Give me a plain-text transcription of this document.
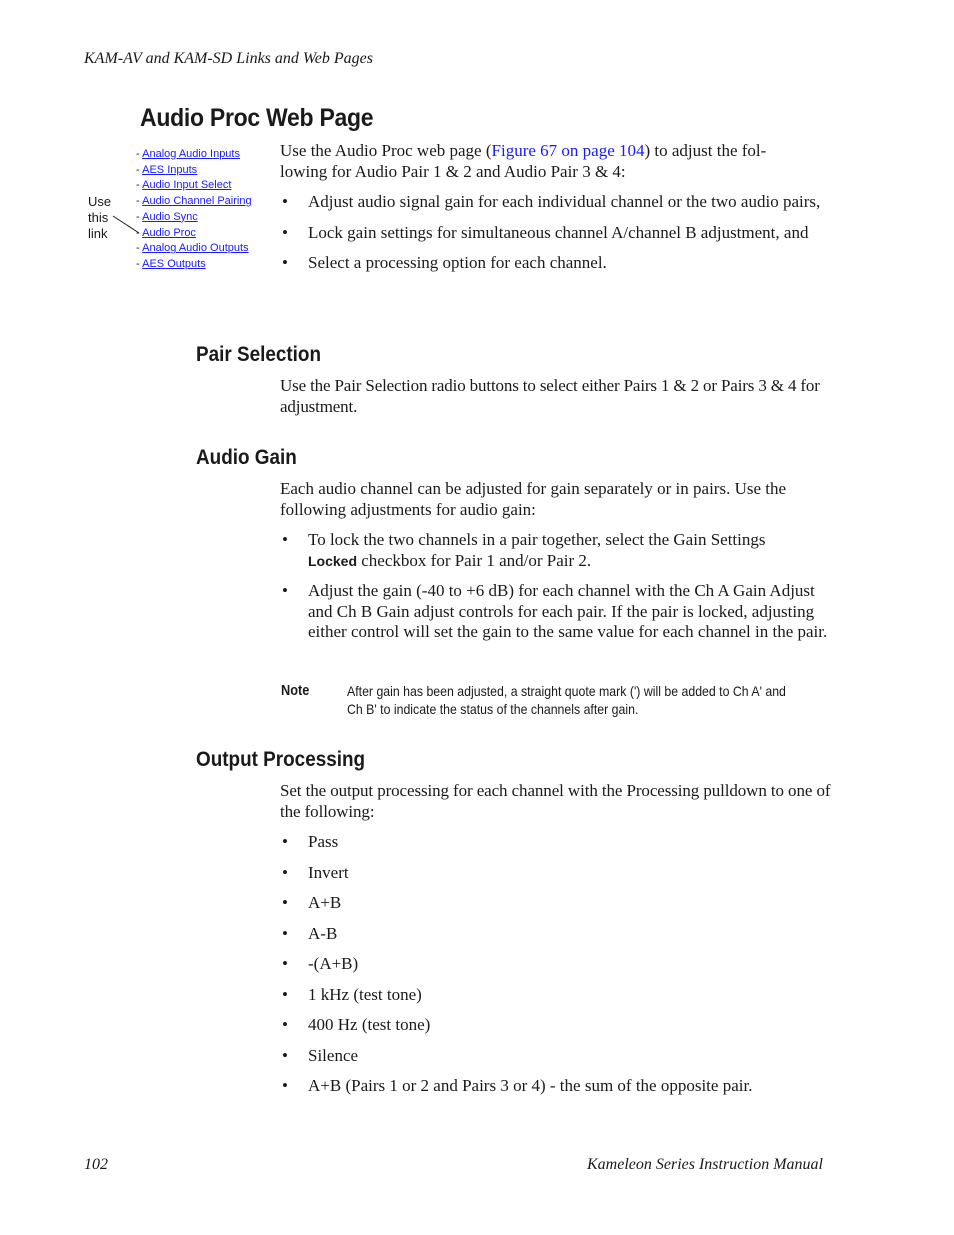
KAM-AV and KAM-SD Links and Web Pages
Audio Proc Web Page
- Analog Audio Inputs
- AES Inputs
- Audio Input Select
- Audio Channel Pairing
- Audio Sync
- Audio Proc
- Analog Audio Outputs
- AES Outputs
Use
this
link
Use the Audio Proc web page (Figure 67 on page 104) to adjust the fol-
lowing for Audio Pair 1 & 2 and Audio Pair 3 & 4:
• Adjust audio signal gain for each individual channel or the two audio pairs,
• Lock gain settings for simultaneous channel A/channel B adjustment, and
• Select a processing option for each channel.
Pair Selection
Use the Pair Selection radio buttons to select either Pairs 1 & 2 or Pairs 3 & 4 for adjustment.
Audio Gain
Each audio channel can be adjusted for gain separately or in pairs. Use the following adjustments for audio gain:
• To lock the two channels in a pair together, select the Gain Settings
Locked checkbox for Pair 1 and/or Pair 2.
• Adjust the gain (-40 to +6 dB) for each channel with the Ch A Gain Adjust and Ch B Gain adjust controls for each pair. If the pair is locked, adjusting either control will set the gain to the same value for each channel in the pair.
Note	After gain has been adjusted, a straight quote mark (') will be added to Ch A' and Ch B' to indicate the status of the channels after gain.
Output Processing
Set the output processing for each channel with the Processing pulldown to one of the following:
• Pass
• Invert
• A+B
• A-B
• -(A+B)
• 1 kHz (test tone)
• 400 Hz (test tone)
• Silence
• A+B (Pairs 1 or 2 and Pairs 3 or 4) - the sum of the opposite pair.
102	Kameleon Series Instruction Manual
